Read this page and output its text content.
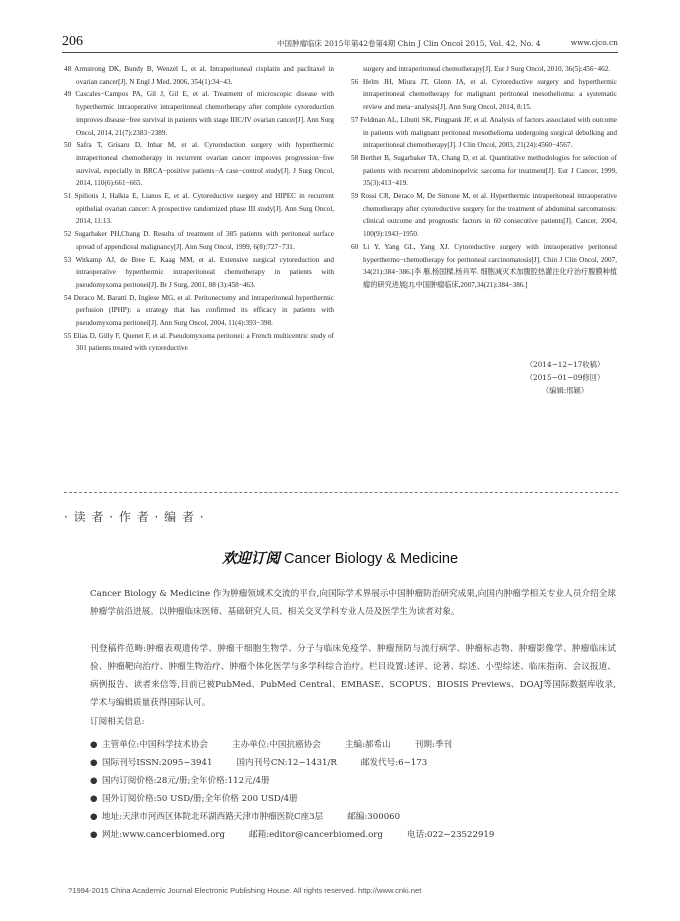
206	中国肿瘤临床 2015年第42卷第4期 Chin J Clin Oncol 2015, Vol. 42, No. 4	www.cjco.cn

48 Armstrong DK, Bundy B, Wenzel L, et al. Intraperitoneal cisplatin and paclitaxel in ovarian cancer[J]. N Engl J Med, 2006, 354(1):34−43.

49 Cascales−Campos PA, Gil J, Gil E, et al. Treatment of microscopic disease with hyperthermic intraoperative intraperitoneal chemotherapy after complete cytoreduction improves disease−free survival in patients with stage IIIC/IV ovarian cancer[J]. Ann Surg Oncol, 2014, 21(7):2383−2389.

50 Safra T, Grisaru D, Inbar M, et al. Cytoreduction surgery with hyperthermic intraperitoneal chemotherapy in recurrent ovarian cancer improves progression−free survival, especially in BRCA−positive patients−A case−control study[J]. J Surg Oncol, 2014, 110(6):661−665.

51 Spiliotis J, Halkia E, Lianos E, et al. Cytoreductive surgery and HIPEC in recurrent epithelial ovarian cancer: A prospective randomized phase III study[J]. Ann Surg Oncol, 2014, 11:13.

52 Sugarbaker PH,Chang D. Results of treatment of 385 patients with peritoneal surface spread of appendiceal malignancy[J]. Ann Surg Oncol, 1999, 6(8):727−731.

53 Witkamp AJ, de Bree E, Kaag MM, et al. Extensive surgical cytoreduction and intraoperative hyperthermic intraperitoneal chemotherapy in patients with pseudomyxoma peritonei[J]. Br J Surg, 2001, 88 (3):458−463.

54 Deraco M, Baratti D, Inglese MG, et al. Peritonectomy and intraperitoneal hyperthermic perfusion (IPHP): a strategy that has confirmed its efficacy in patients with pseudomyxoma peritonei[J]. Ann Surg Oncol, 2004, 11(4):393−398.

55 Elias D, Gilly F, Quenet F, et al. Pseudomyxoma peritonei: a French multicentric study of 301 patients treated with cytoreductive

surgery and intraperitoneal chemotherapy[J]. Eur J Surg Oncol, 2010, 36(5):456−462.

56 Helm JH, Miura JT, Glenn JA, et al. Cytoreductive surgery and hyperthermic intraperitoneal chemotherapy for malignant peritoneal mesothelioma: a systematic review and meta−analysis[J]. Ann Surg Oncol, 2014, 8:15.

57 Feldman AL, Libutti SK, Pingpank JF, et al. Analysis of factors associated with outcome in patients with malignant peritoneal mesothelioma undergoing surgical debulking and intraperitoneal chemotherapy[J]. J Clin Oncol, 2003, 21(24):4560−4567.

58 Berthet B, Sugarbaker TA, Chang D, et al. Quantitative methodologies for selection of patients with recurrent abdominopelvic sarcoma for treatment[J]. Eur J Cancer, 1999, 35(3):413−419.

59 Rossi CR, Deraco M, De Simone M, et al. Hyperthermic intraperitoneal intraoperative chemotherapy after cytoreductive surgery for the treatment of abdominal sarcomatosis: clinical outcome and prognostic factors in 60 consecutive patients[J]. Cancer, 2004, 100(9):1943−1950.

60 Li Y, Yang GL, Yang XJ. Cytoreductive surgery with intraoperative peritoneal hyperthermo−chemotherapy for peritoneal carcinomatosis[J]. Chin J Clin Oncol, 2007, 34(21):384−386.[李 雁,杨国樑,杨肖军. 细胞减灭术加腹腔热灌注化疗治疗腹膜种植瘤的研究进展[J].中国肿瘤临床,2007,34(21):384−386.]

（2014−12−17收稿）
（2015−01−09修回）
（编辑:邢颖）
· 读 者 · 作 者 · 编 者 ·
欢迎订阅 Cancer Biology & Medicine
Cancer Biology & Medicine 作为肿瘤领域术交流的平台,向国际学术界展示中国肿瘤防治研究成果,向国内肿瘤学相关专业人员介绍全球肿瘤学前沿进展。以肿瘤临床医师、基础研究人员、相关交叉学科专业人员及医学生为读者对象。
刊登稿件范畴:肿瘤表观遗传学、肿瘤干细胞生物学、分子与临床免疫学、肿瘤预防与流行病学、肿瘤标志物、肿瘤影像学、肿瘤临床试验、肿瘤靶向治疗、肿瘤生物治疗、肿瘤个体化医学与多学科综合治疗。栏目设置:述评、论著、综述、小型综述、临床指南、会议报道、病例报告、读者来信等,目前已被PubMed、PubMed Central、EMBASE、SCOPUS、BIOSIS Previews、DOAJ等国际数据库收录,学术与编辑质量获得国际认可。
订阅相关信息:
● 主管单位:中国科学技术协会	主办单位:中国抗癌协会	主编:郝希山	刊期:季刊
● 国际刊号ISSN:2095−3941	国内刊号CN:12−1431/R	邮发代号:6−173
● 国内订阅价格:28元/册;全年价格:112元/4册
● 国外订阅价格:50 USD/册;全年价格 200 USD/4册
● 地址:天津市河西区体院北环湖西路天津市肿瘤医院C座3层	邮编:300060
● 网址:www.cancerbiomed.org	邮箱:editor@cancerbiomed.org	电话:022−23522919
?1994-2015 China Academic Journal Electronic Publishing House. All rights reserved. http://www.cnki.net
